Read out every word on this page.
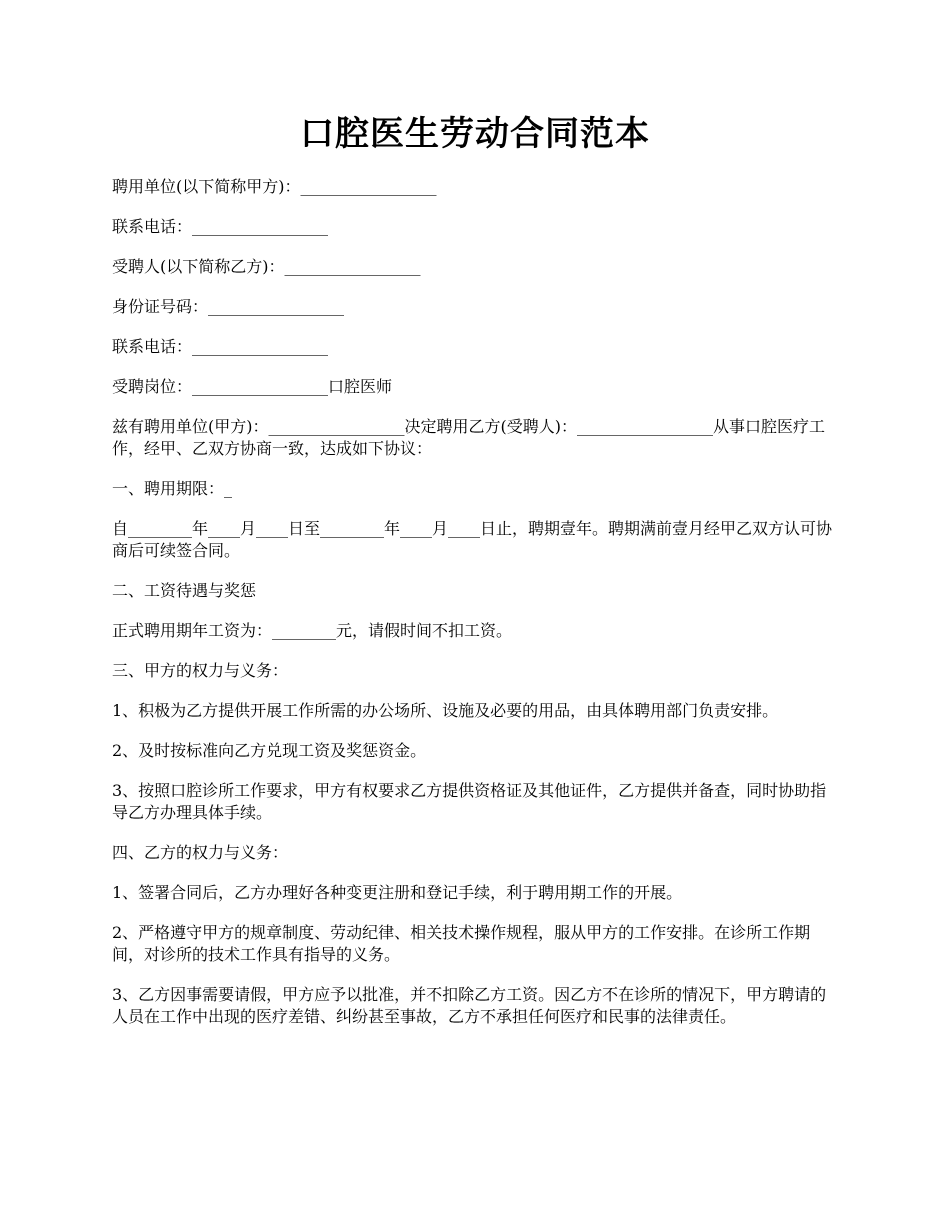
口腔医生劳动合同范本

聘用单位(以下简称甲方)：_________________

联系电话：_________________

受聘人(以下简称乙方)：_________________

身份证号码：_________________

联系电话：_________________

受聘岗位：_________________口腔医师

兹有聘用单位(甲方)：_________________决定聘用乙方(受聘人)：_________________从事口腔医疗工作，经甲、乙双方协商一致，达成如下协议：

一、聘用期限：_

自________年____月____日至________年____月____日止，聘期壹年。聘期满前壹月经甲乙双方认可协商后可续签合同。

二、工资待遇与奖惩

正式聘用期年工资为：________元，请假时间不扣工资。

三、甲方的权力与义务：

1、积极为乙方提供开展工作所需的办公场所、设施及必要的用品，由具体聘用部门负责安排。

2、及时按标准向乙方兑现工资及奖惩资金。

3、按照口腔诊所工作要求，甲方有权要求乙方提供资格证及其他证件，乙方提供并备查，同时协助指导乙方办理具体手续。

四、乙方的权力与义务：

1、签署合同后，乙方办理好各种变更注册和登记手续，利于聘用期工作的开展。

2、严格遵守甲方的规章制度、劳动纪律、相关技术操作规程，服从甲方的工作安排。在诊所工作期间，对诊所的技术工作具有指导的义务。

3、乙方因事需要请假，甲方应予以批准，并不扣除乙方工资。因乙方不在诊所的情况下，甲方聘请的人员在工作中出现的医疗差错、纠纷甚至事故，乙方不承担任何医疗和民事的法律责任。
